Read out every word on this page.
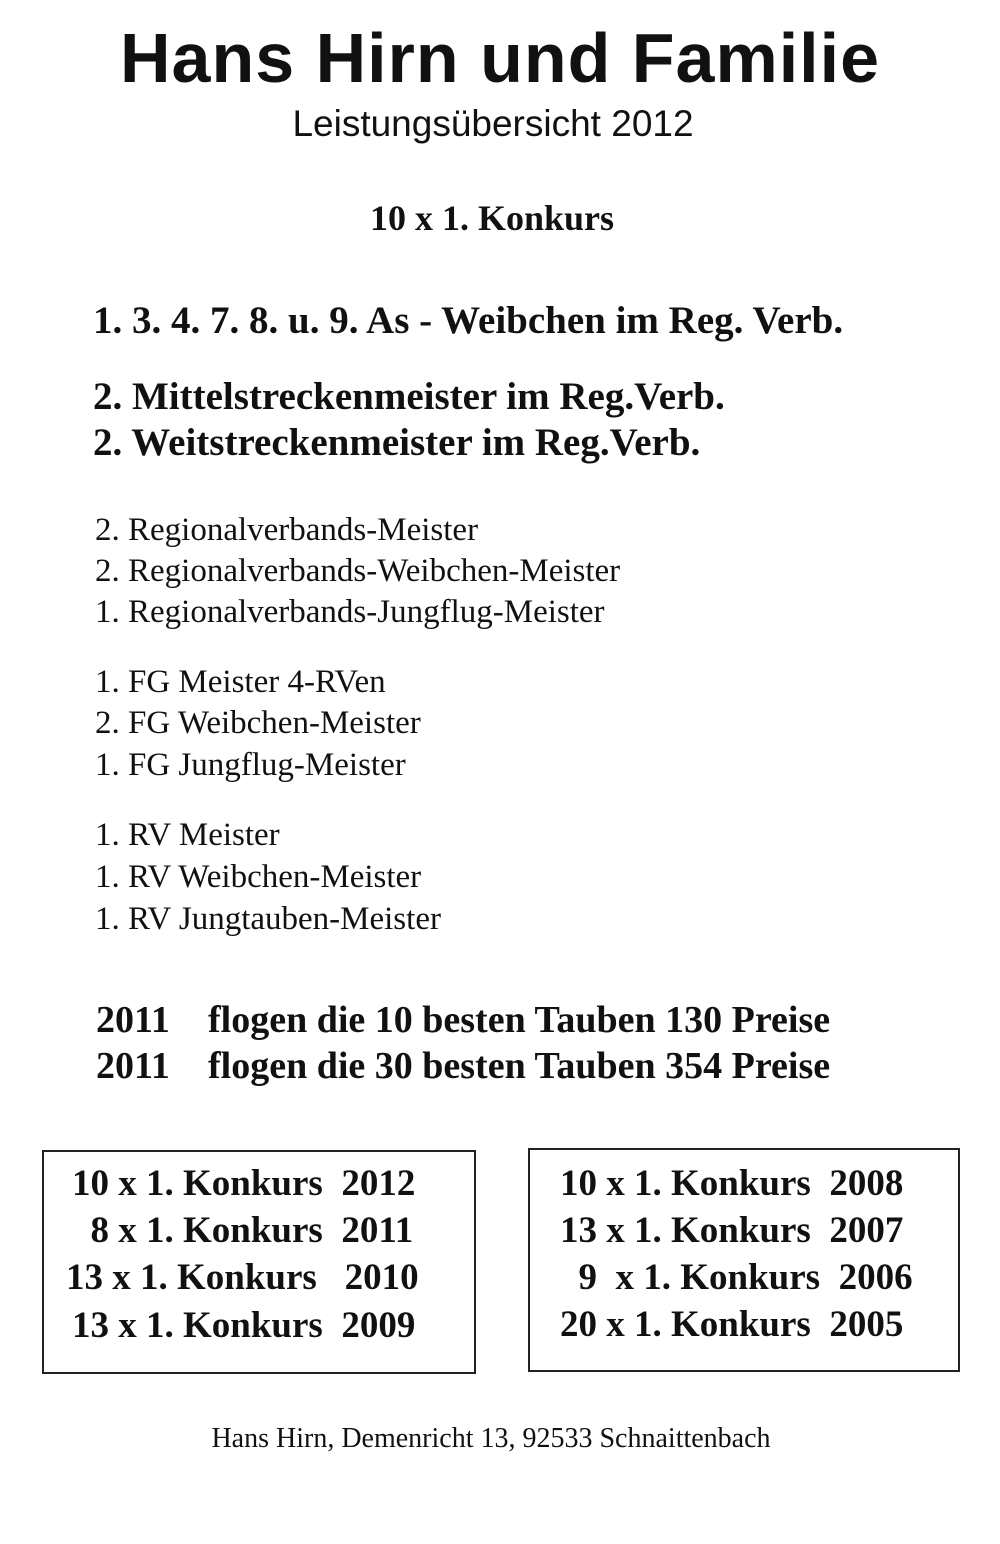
Hans Hirn und Familie
Leistungsübersicht 2012
10 x 1. Konkurs
1. 3. 4. 7. 8. u. 9. As - Weibchen im Reg. Verb.
2. Mittelstreckenmeister im Reg.Verb.
2. Weitstreckenmeister im Reg.Verb.
2. Regionalverbands-Meister
2. Regionalverbands-Weibchen-Meister
1. Regionalverbands-Jungflug-Meister
1. FG Meister 4-RVen
2. FG Weibchen-Meister
1. FG Jungflug-Meister
1. RV Meister
1. RV Weibchen-Meister
1. RV Jungtauben-Meister
2011 flogen die 10 besten Tauben 130 Preise
2011 flogen die 30 besten Tauben 354 Preise
10 x 1. Konkurs  2012
8 x 1. Konkurs  2011
13 x 1. Konkurs   2010
13 x 1. Konkurs  2009
10 x 1. Konkurs  2008
13 x 1. Konkurs  2007
9  x 1. Konkurs  2006
20 x 1. Konkurs  2005
Hans Hirn, Demenricht 13, 92533 Schnaittenbach
